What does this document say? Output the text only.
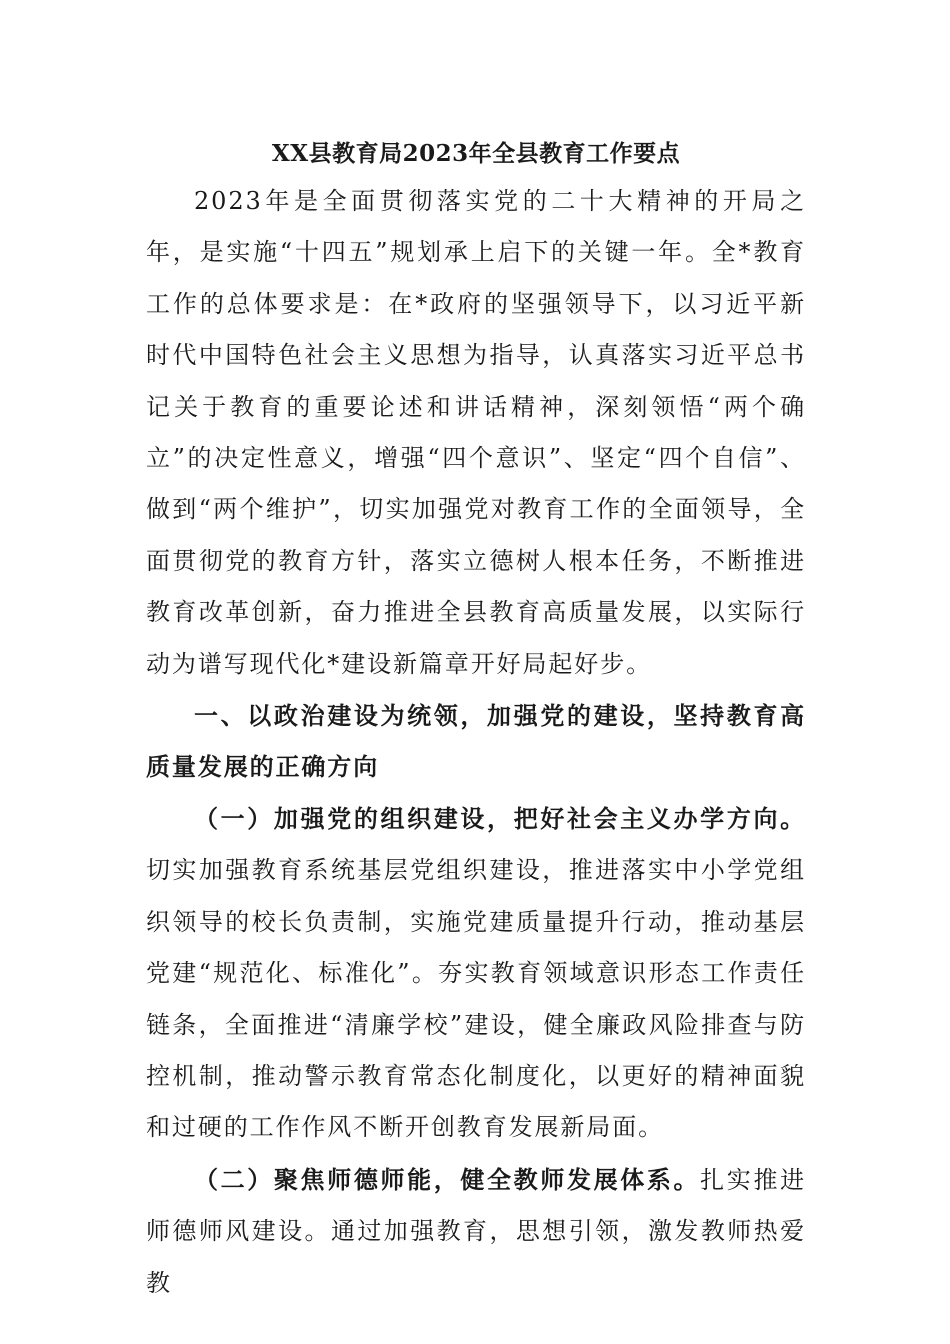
XX县教育局2023年全县教育工作要点

2023年是全面贯彻落实党的二十大精神的开局之年，是实施“十四五”规划承上启下的关键一年。全*教育工作的总体要求是：在*政府的坚强领导下，以习近平新时代中国特色社会主义思想为指导，认真落实习近平总书记关于教育的重要论述和讲话精神，深刻领悟“两个确立”的决定性意义，增强“四个意识”、坚定“四个自信”、做到“两个维护”，切实加强党对教育工作的全面领导，全面贯彻党的教育方针，落实立德树人根本任务，不断推进教育改革创新，奋力推进全县教育高质量发展，以实际行动为谱写现代化*建设新篇章开好局起好步。

一、以政治建设为统领，加强党的建设，坚持教育高质量发展的正确方向

（一）加强党的组织建设，把好社会主义办学方向。切实加强教育系统基层党组织建设，推进落实中小学党组织领导的校长负责制，实施党建质量提升行动，推动基层党建“规范化、标准化”。夯实教育领域意识形态工作责任链条，全面推进“清廉学校”建设，健全廉政风险排查与防控机制，推动警示教育常态化制度化，以更好的精神面貌和过硬的工作作风不断开创教育发展新局面。

（二）聚焦师德师能，健全教师发展体系。扎实推进师德师风建设。通过加强教育，思想引领，激发教师热爱教
